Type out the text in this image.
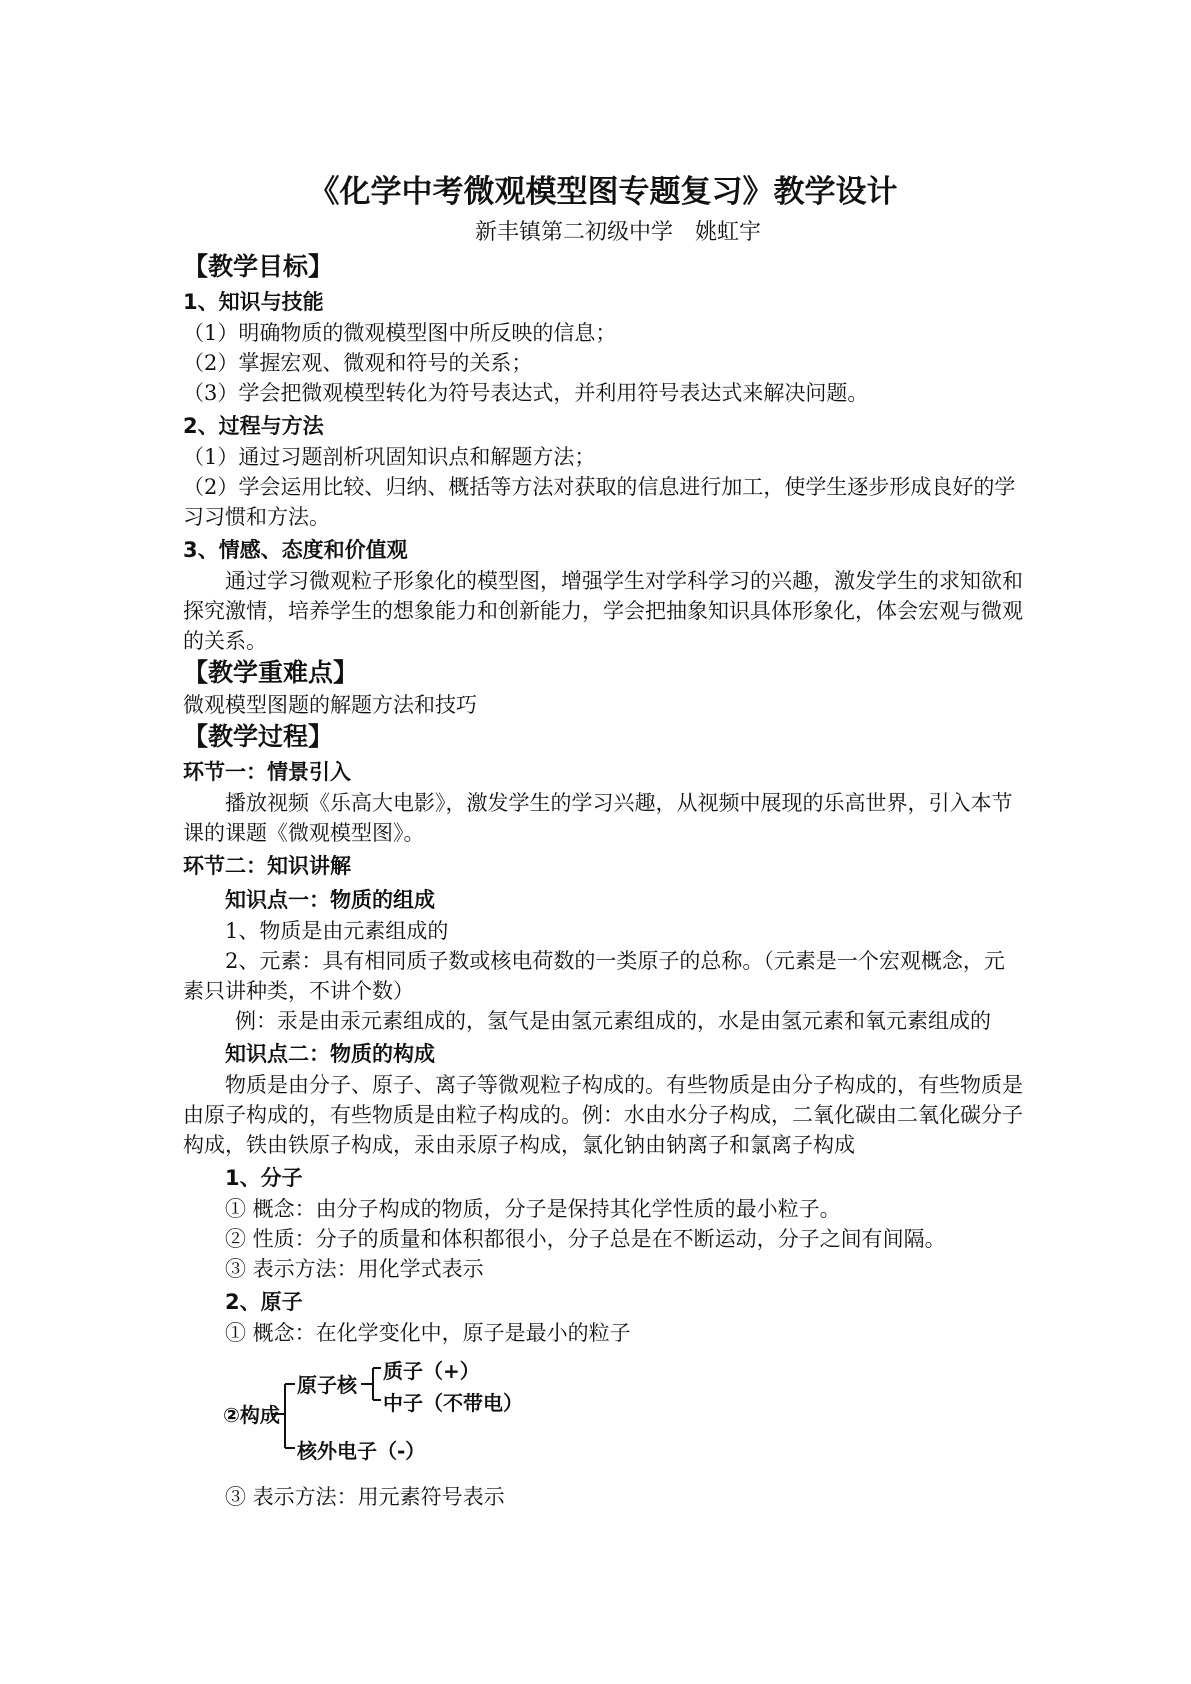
《化学中考微观模型图专题复习》教学设计
新丰镇第二初级中学　姚虹宇
【教学目标】
1、知识与技能

（1）明确物质的微观模型图中所反映的信息；

（2）掌握宏观、微观和符号的关系；

（3）学会把微观模型转化为符号表达式，并利用符号表达式来解决问题。

2、过程与方法

（1）通过习题剖析巩固知识点和解题方法；

（2）学会运用比较、归纳、概括等方法对获取的信息进行加工，使学生逐步形成良好的学习习惯和方法。

3、情感、态度和价值观

通过学习微观粒子形象化的模型图，增强学生对学科学习的兴趣，激发学生的求知欲和探究激情，培养学生的想象能力和创新能力，学会把抽象知识具体形象化，体会宏观与微观的关系。

【教学重难点】

微观模型图题的解题方法和技巧

【教学过程】
环节一：情景引入

播放视频《乐高大电影》，激发学生的学习兴趣，从视频中展现的乐高世界，引入本节课的课题《微观模型图》。

环节二：知识讲解
知识点一：物质的组成

1、物质是由元素组成的

2、元素：具有相同质子数或核电荷数的一类原子的总称。（元素是一个宏观概念，元素只讲种类，不讲个数）

例：汞是由汞元素组成的，氢气是由氢元素组成的，水是由氢元素和氧元素组成的

知识点二：物质的构成

物质是由分子、原子、离子等微观粒子构成的。有些物质是由分子构成的，有些物质是由原子构成的，有些物质是由粒子构成的。例：水由水分子构成，二氧化碳由二氧化碳分子构成，铁由铁原子构成，汞由汞原子构成，氯化钠由钠离子和氯离子构成

1、分子

① 概念：由分子构成的物质，分子是保持其化学性质的最小粒子。

② 性质：分子的质量和体积都很小，分子总是在不断运动，分子之间有间隔。

③ 表示方法：用化学式表示

2、原子

① 概念：在化学变化中，原子是最小的粒子

②构成
原子核
质子（+）
中子（不带电）
核外电子（-）

③ 表示方法：用元素符号表示
